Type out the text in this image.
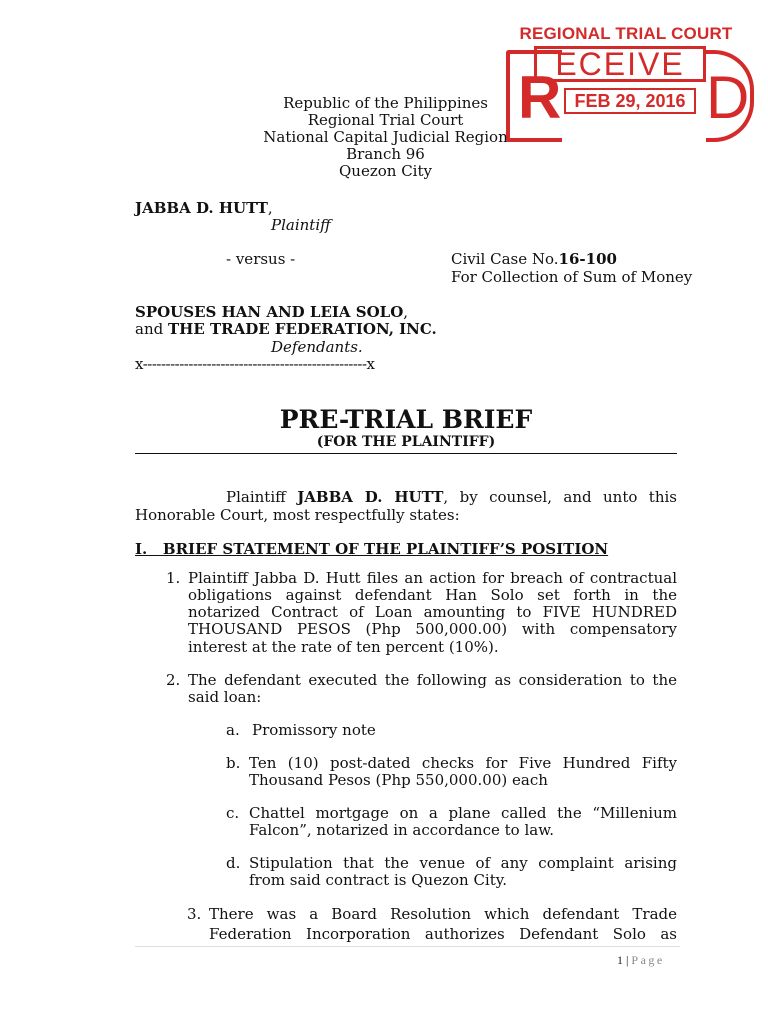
REGIONAL TRIAL COURT
R
ECEIVE D
FEB 29, 2016
Republic of the Philippines
Regional Trial Court
National Capital Judicial Region
Branch 96
Quezon City
JABBA D. HUTT,
Plaintiff
- versus -	Civil Case No.16-100
For Collection of Sum of Money
SPOUSES HAN AND LEIA SOLO,
and THE TRADE FEDERATION, INC.
Defendants.
x-------------------------------------------------x
PRE-TRIAL BRIEF
(FOR THE PLAINTIFF)
Plaintiff JABBA D. HUTT, by counsel, and unto this
Honorable Court, most respectfully states:
I.   BRIEF STATEMENT OF THE PLAINTIFF’S POSITION
1. Plaintiff Jabba D. Hutt files an action for breach of contractual
obligations against defendant Han Solo set forth in the
notarized Contract of Loan amounting to FIVE HUNDRED
THOUSAND PESOS (Php 500,000.00) with compensatory
interest at the rate of ten percent (10%).
2. The defendant executed the following as consideration to the
said loan:
a. Promissory note
b. Ten (10) post-dated checks for Five Hundred Fifty
Thousand Pesos (Php 550,000.00) each
c. Chattel mortgage on a plane called the “Millenium
Falcon”, notarized in accordance to law.
d. Stipulation that the venue of any complaint arising
from said contract is Quezon City.
3. There was a Board Resolution which defendant Trade
Federation Incorporation authorizes Defendant Solo as
1 | Page
